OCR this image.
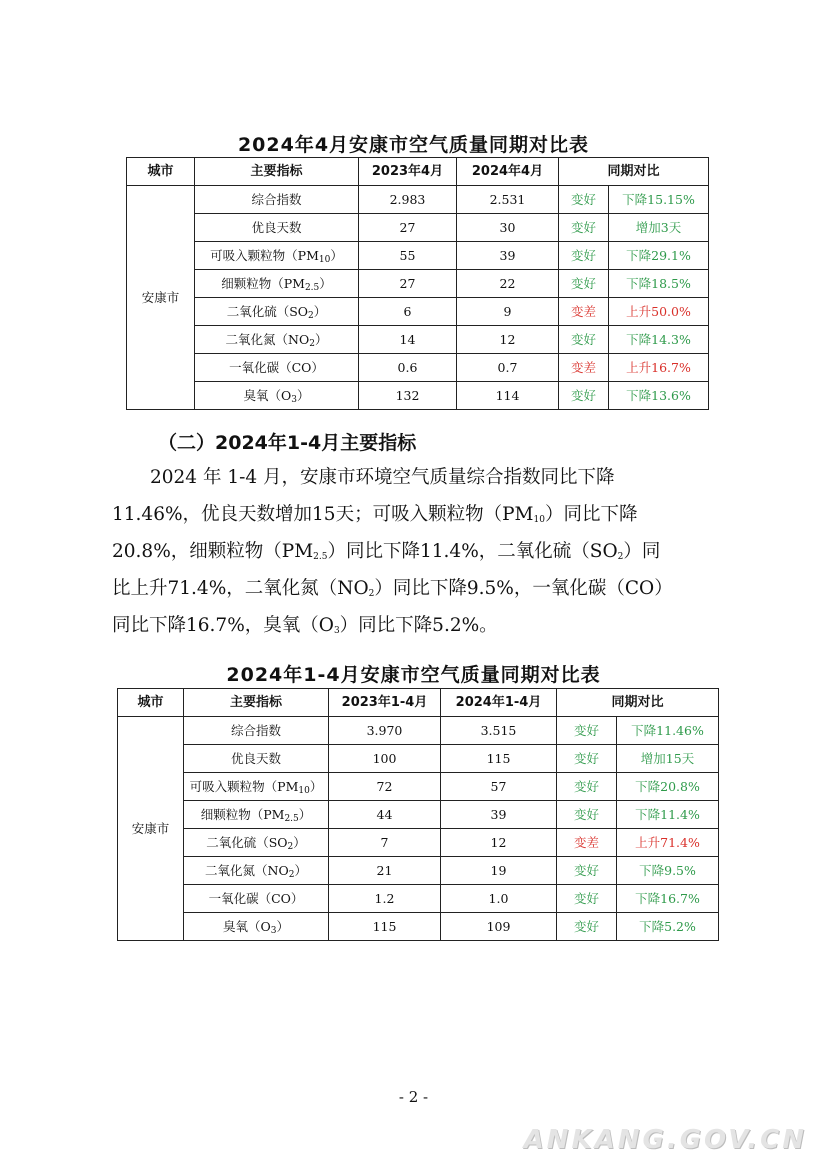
2024年4月安康市空气质量同期对比表
城市	主要指标	2023年4月	2024年4月	同期对比	
安康市	综合指数	2.983	2.531	变好	下降15.15%
	优良天数	27	30	变好	增加3天
	可吸入颗粒物$(PM_{10})$	55	39	变好	下降29.1%
	细颗粒物$(PM_{2.5})$	27	22	变好	下降18.5%
	二氧化硫$(SO_2)$	6	9	变差	上升50.0%
	二氧化氮$(NO_2)$	14	12	变好	下降14.3%
	一氧化碳（CO）	0.6	0.7	变差	上升16.7%
	臭氧$(O_3)$	132	114	变好	下降13.6%
（二）2024年1-4月主要指标
2024 年 1-4 月，安康市环境空气质量综合指数同比下降
11.46%，优良天数增加15天；可吸入颗粒物$(PM_{10})$同比下降
20.8%，细颗粒物$(PM_{2.5})$同比下降11.4%，二氧化硫$(SO_2)$同
比上升71.4%，二氧化氮$(NO_2)$同比下降9.5%，一氧化碳（CO）
同比下降16.7%，臭氧$(O_3)$同比下降5.2%。
2024年1-4月安康市空气质量同期对比表
城市	主要指标	2023年1-4月	2024年1-4月	同期对比	
安康市	综合指数	3.970	3.515	变好	下降11.46%
	优良天数	100	115	变好	增加15天
	可吸入颗粒物$(PM_{10})$	72	57	变好	下降20.8%
	细颗粒物$(PM_{2.5})$	44	39	变好	下降11.4%
	二氧化硫$(SO_2)$	7	12	变差	上升71.4%
	二氧化氮$(NO_2)$	21	19	变好	下降9.5%
	一氧化碳（CO）	1.2	1.0	变好	下降16.7%
	臭氧$(O_3)$	115	109	变好	下降5.2%
- 2 -
ANKANG.GOV.CN
